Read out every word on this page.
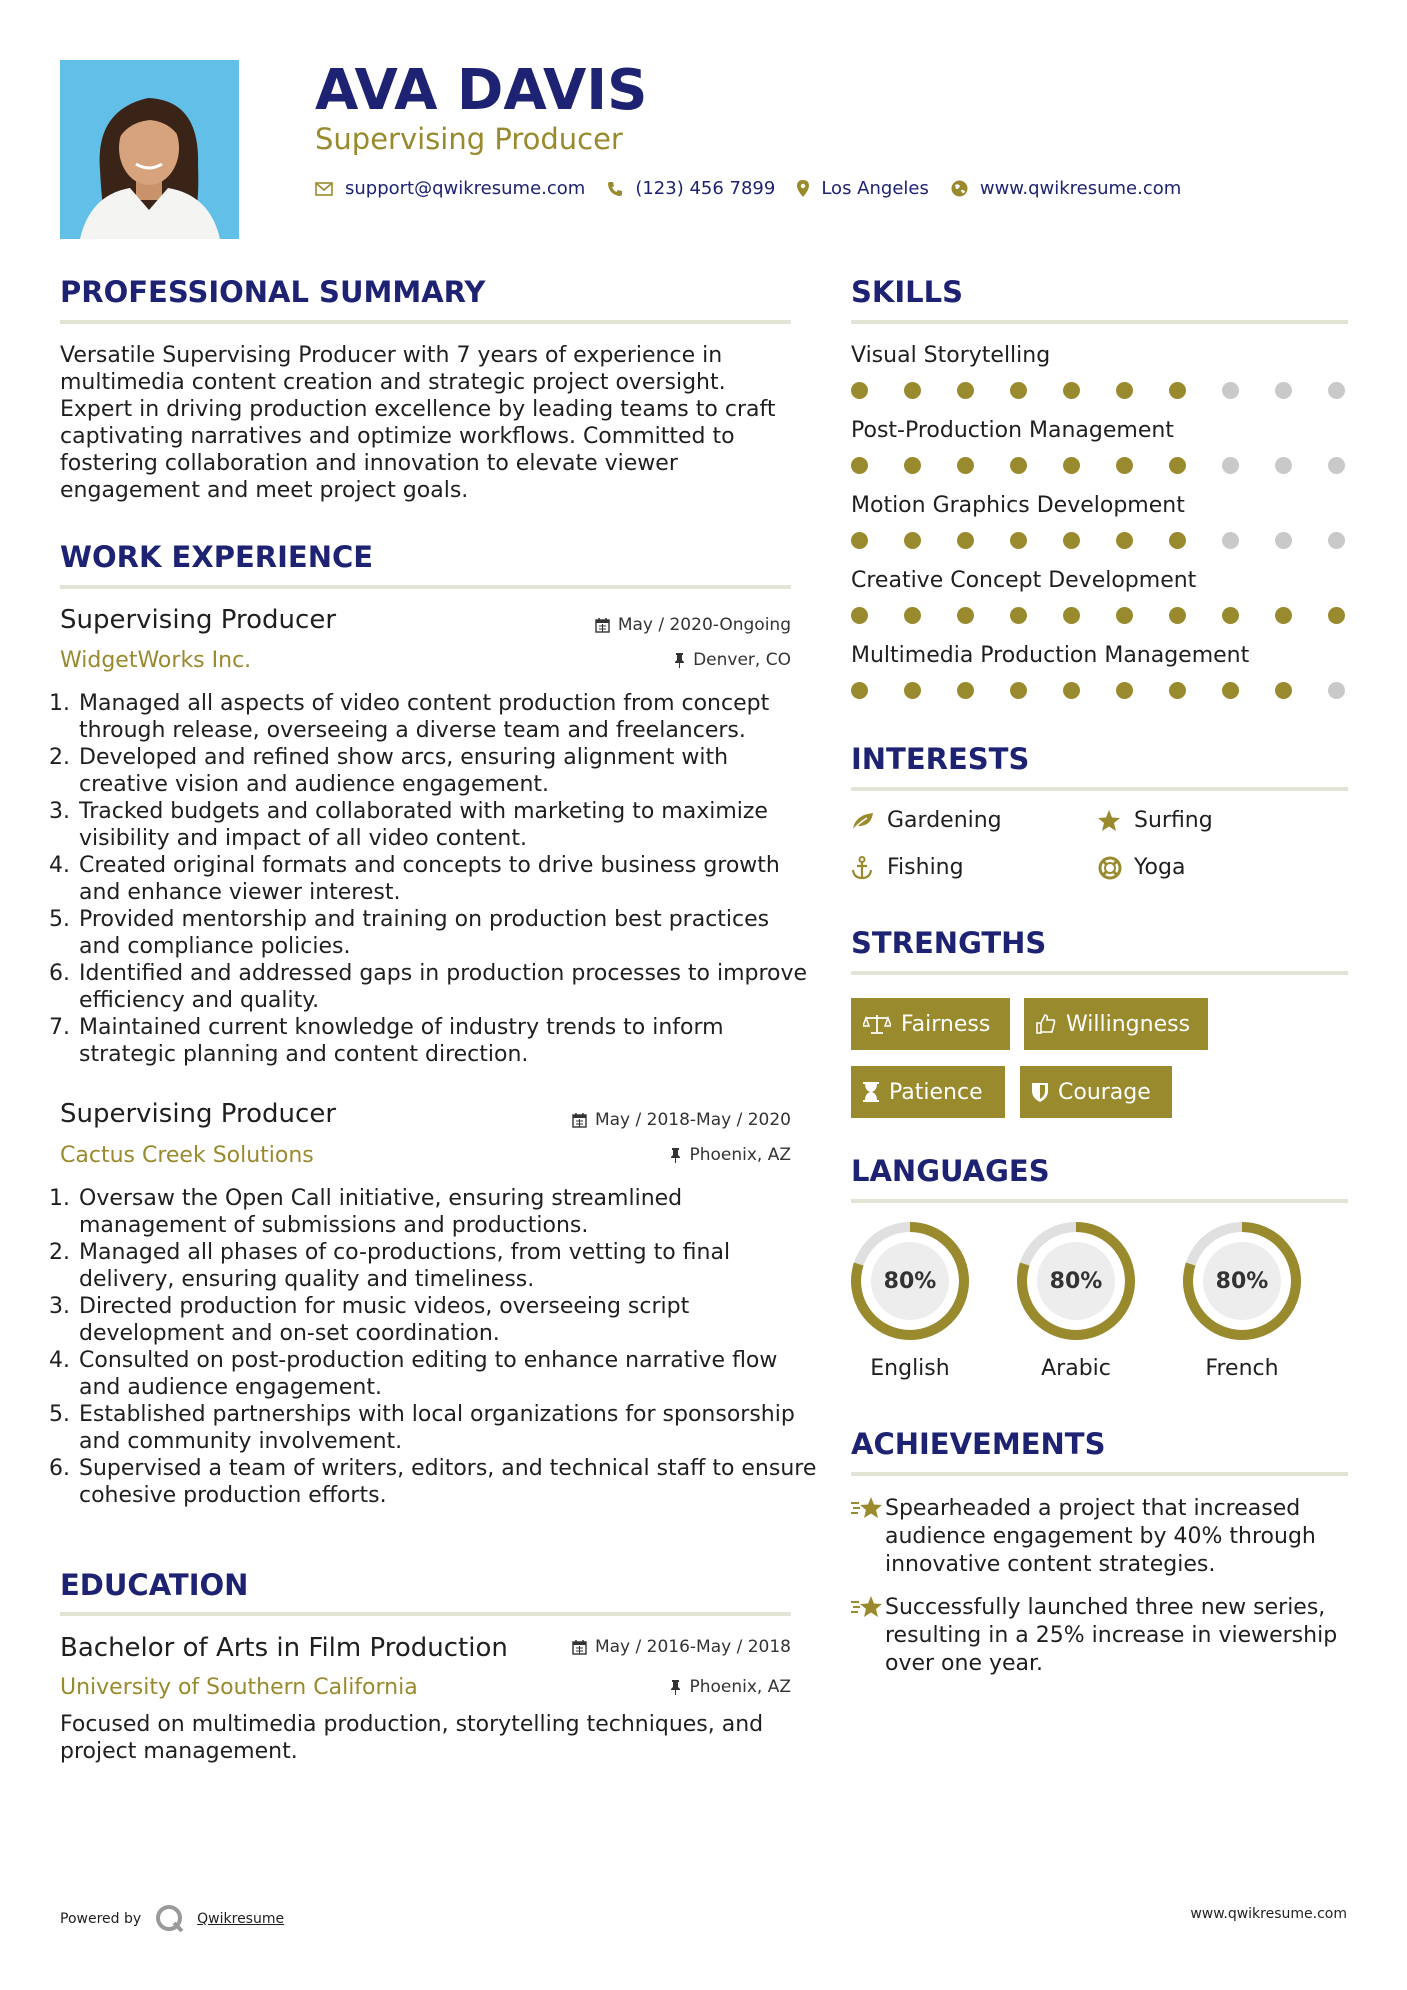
AVA DAVIS
Supervising Producer
support@qwikresume.com	(123) 456 7899	Los Angeles	www.qwikresume.com
PROFESSIONAL SUMMARY
Versatile Supervising Producer with 7 years of experience in multimedia content creation and strategic project oversight. Expert in driving production excellence by leading teams to craft captivating narratives and optimize workflows. Committed to fostering collaboration and innovation to elevate viewer engagement and meet project goals.
WORK EXPERIENCE
Supervising Producer	May / 2020-Ongoing
WidgetWorks Inc.	Denver, CO
1. Managed all aspects of video content production from concept through release, overseeing a diverse team and freelancers.
2. Developed and refined show arcs, ensuring alignment with creative vision and audience engagement.
3. Tracked budgets and collaborated with marketing to maximize visibility and impact of all video content.
4. Created original formats and concepts to drive business growth and enhance viewer interest.
5. Provided mentorship and training on production best practices and compliance policies.
6. Identified and addressed gaps in production processes to improve efficiency and quality.
7. Maintained current knowledge of industry trends to inform strategic planning and content direction.
Supervising Producer	May / 2018-May / 2020
Cactus Creek Solutions	Phoenix, AZ
1. Oversaw the Open Call initiative, ensuring streamlined management of submissions and productions.
2. Managed all phases of co-productions, from vetting to final delivery, ensuring quality and timeliness.
3. Directed production for music videos, overseeing script development and on-set coordination.
4. Consulted on post-production editing to enhance narrative flow and audience engagement.
5. Established partnerships with local organizations for sponsorship and community involvement.
6. Supervised a team of writers, editors, and technical staff to ensure cohesive production efforts.
EDUCATION
Bachelor of Arts in Film Production	May / 2016-May / 2018
University of Southern California	Phoenix, AZ
Focused on multimedia production, storytelling techniques, and project management.
SKILLS
Visual Storytelling
Post-Production Management
Motion Graphics Development
Creative Concept Development
Multimedia Production Management
INTERESTS
Gardening	Surfing
Fishing	Yoga
STRENGTHS
Fairness	Willingness
Patience	Courage
LANGUAGES
80%
English
80%
Arabic
80%
French
ACHIEVEMENTS
Spearheaded a project that increased audience engagement by 40% through innovative content strategies.
Successfully launched three new series, resulting in a 25% increase in viewership over one year.
Powered by	Qwikresume	www.qwikresume.com
